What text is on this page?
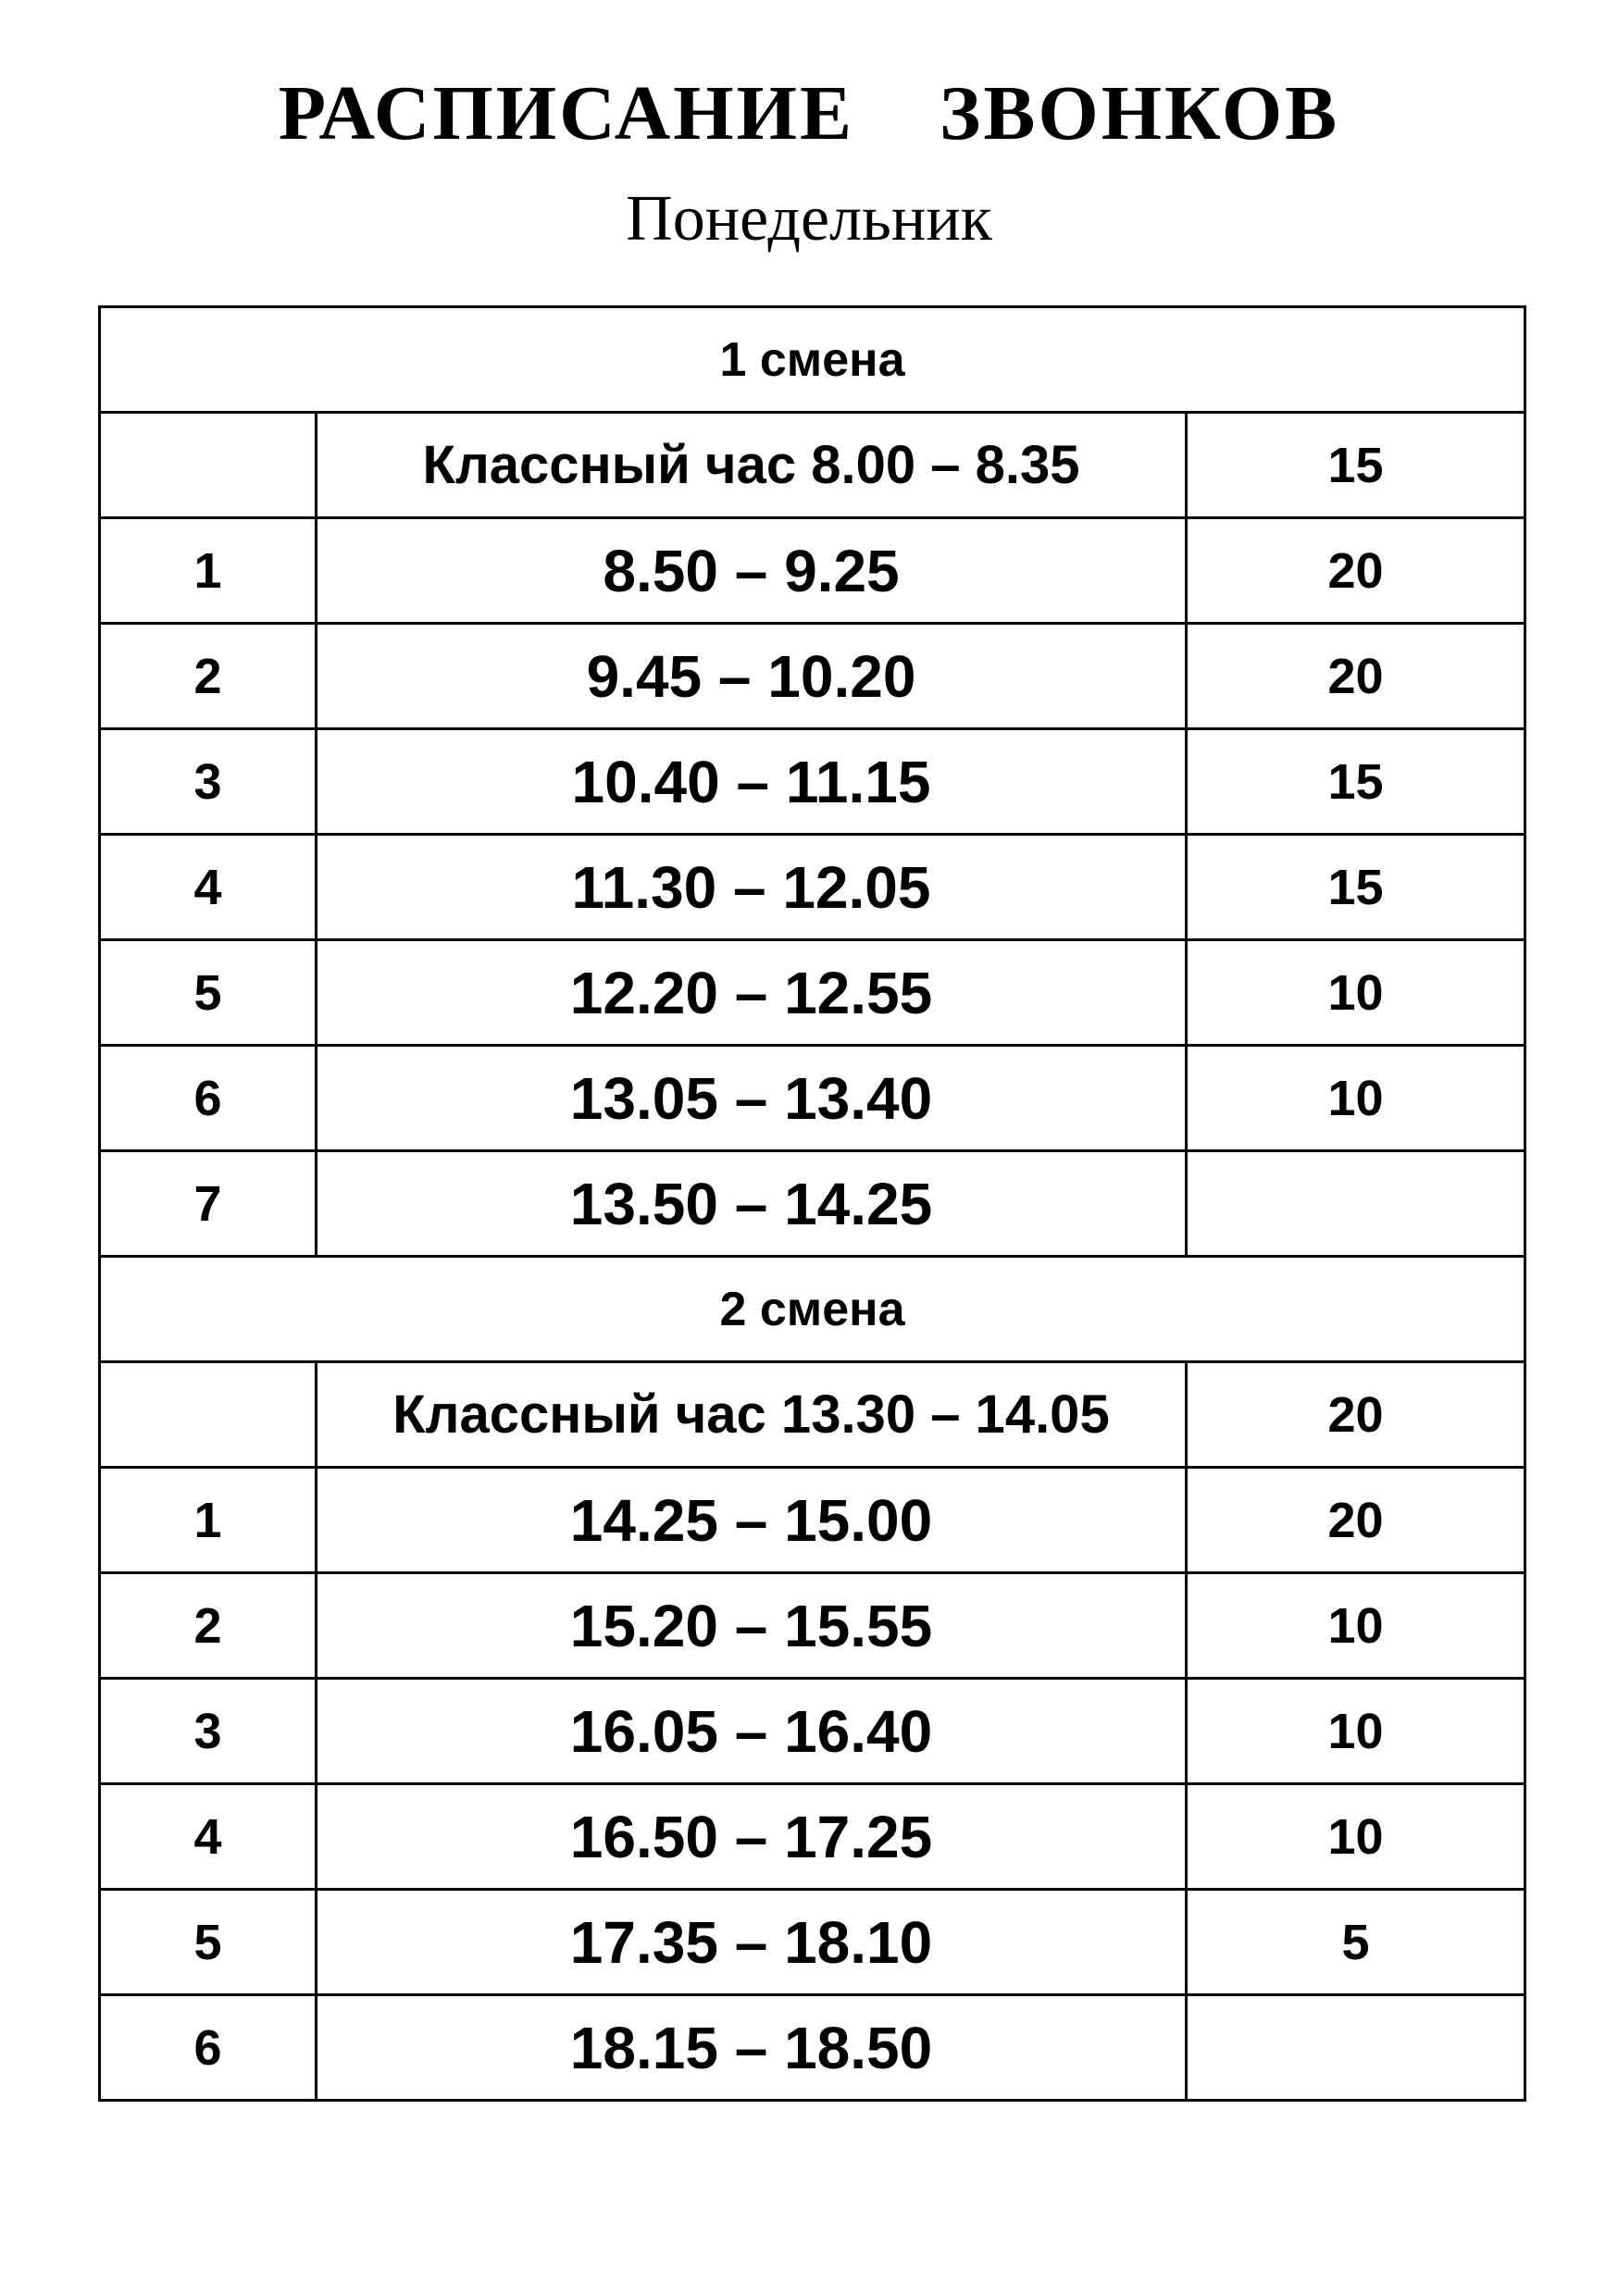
РАСПИСАНИЕ  ЗВОНКОВ
Понедельник
1 смена		
	Классный час 8.00 – 8.35	15
1	8.50 – 9.25	20
2	9.45 – 10.20	20
3	10.40 – 11.15	15
4	11.30 – 12.05	15
5	12.20 – 12.55	10
6	13.05 – 13.40	10
7	13.50 – 14.25	
2 смена		
	Классный час 13.30 – 14.05	20
1	14.25 – 15.00	20
2	15.20 – 15.55	10
3	16.05 – 16.40	10
4	16.50 – 17.25	10
5	17.35 – 18.10	5
6	18.15 – 18.50	
